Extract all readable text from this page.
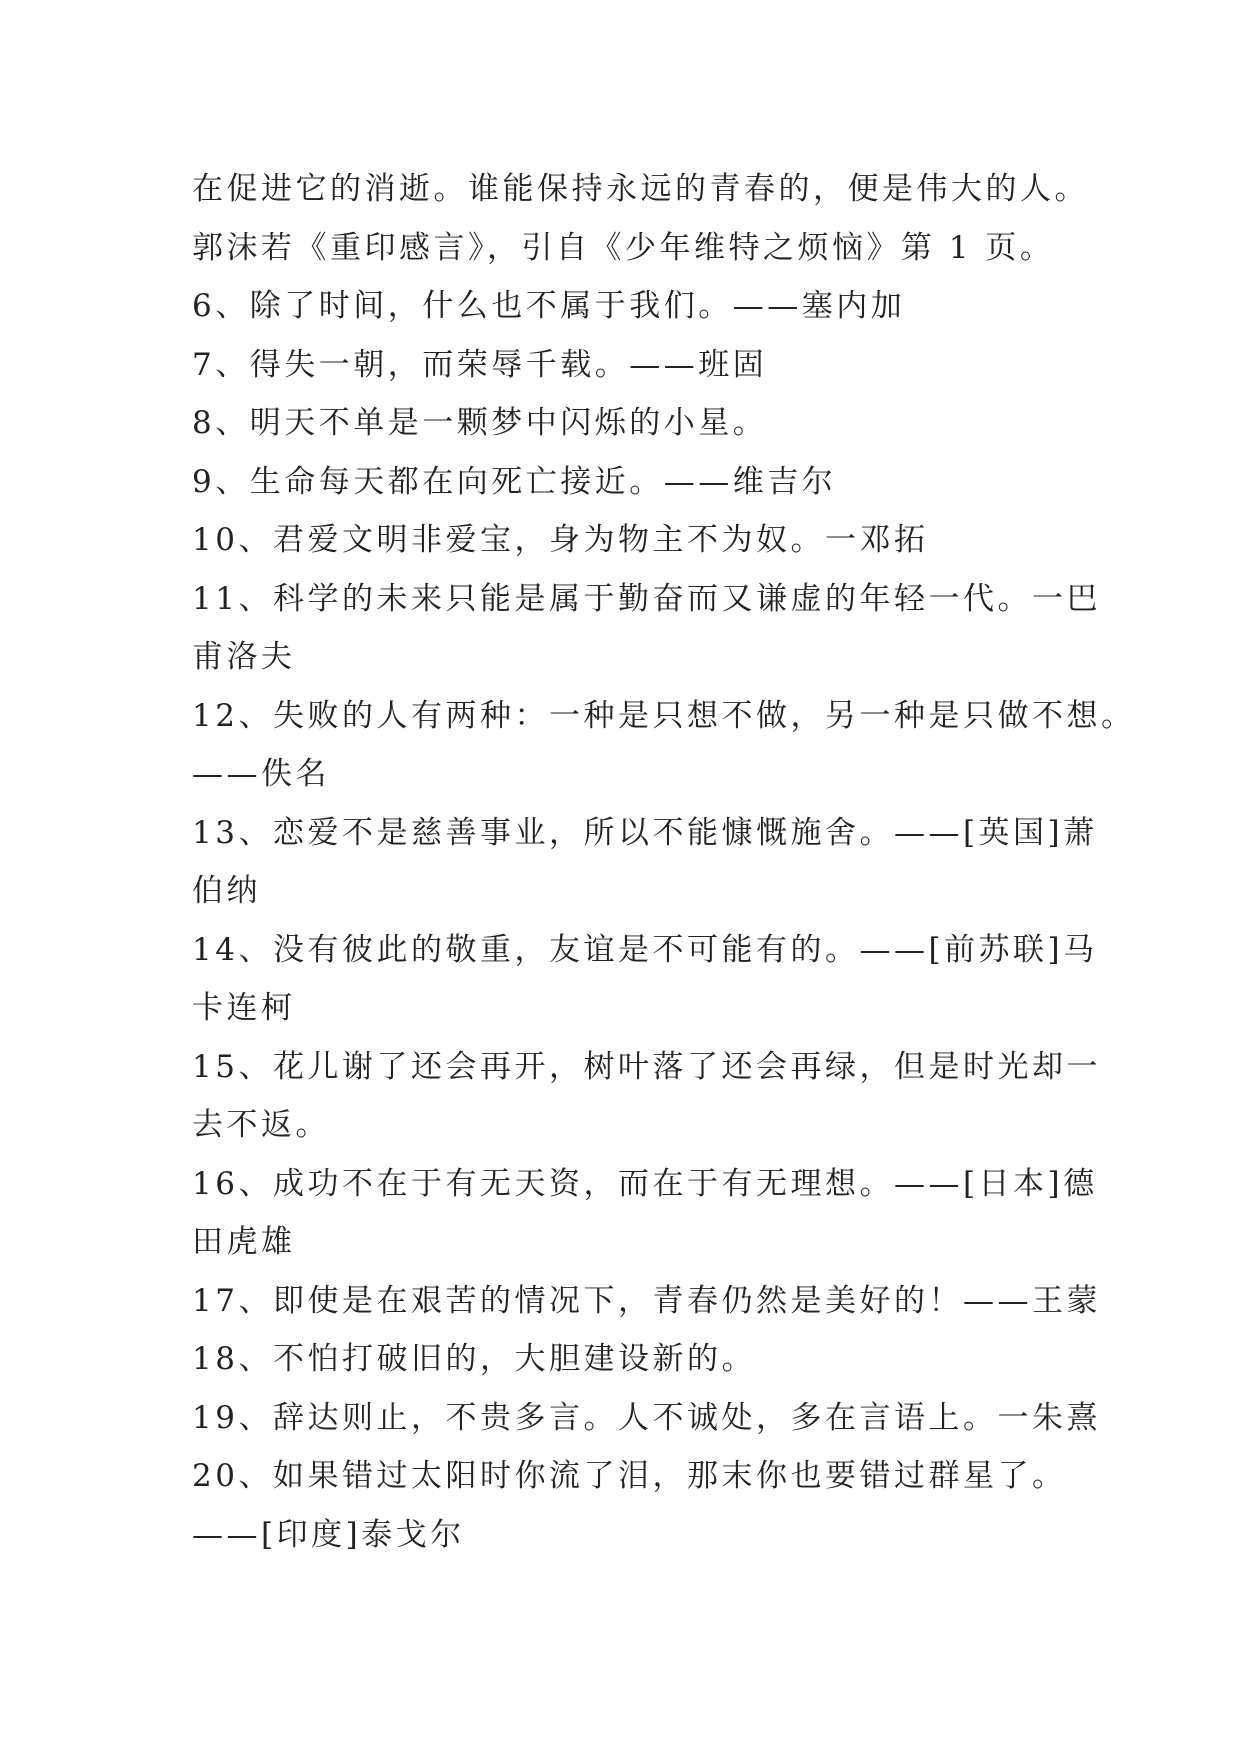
在促进它的消逝。谁能保持永远的青春的，便是伟大的人。
郭沫若《重印感言》，引自《少年维特之烦恼》第 1 页。
6、除了时间，什么也不属于我们。——塞内加
7、得失一朝，而荣辱千载。——班固
8、明天不单是一颗梦中闪烁的小星。
9、生命每天都在向死亡接近。——维吉尔
10、君爱文明非爱宝，身为物主不为奴。一邓拓
11、科学的未来只能是属于勤奋而又谦虚的年轻一代。一巴
甫洛夫
12、失败的人有两种：一种是只想不做，另一种是只做不想。
——佚名
13、恋爱不是慈善事业，所以不能慷慨施舍。——[英国]萧
伯纳
14、没有彼此的敬重，友谊是不可能有的。——[前苏联]马
卡连柯
15、花儿谢了还会再开，树叶落了还会再绿，但是时光却一
去不返。
16、成功不在于有无天资，而在于有无理想。——[日本]德
田虎雄
17、即使是在艰苦的情况下，青春仍然是美好的！——王蒙
18、不怕打破旧的，大胆建设新的。
19、辞达则止，不贵多言。人不诚处，多在言语上。一朱熹
20、如果错过太阳时你流了泪，那末你也要错过群星了。
——[印度]泰戈尔
